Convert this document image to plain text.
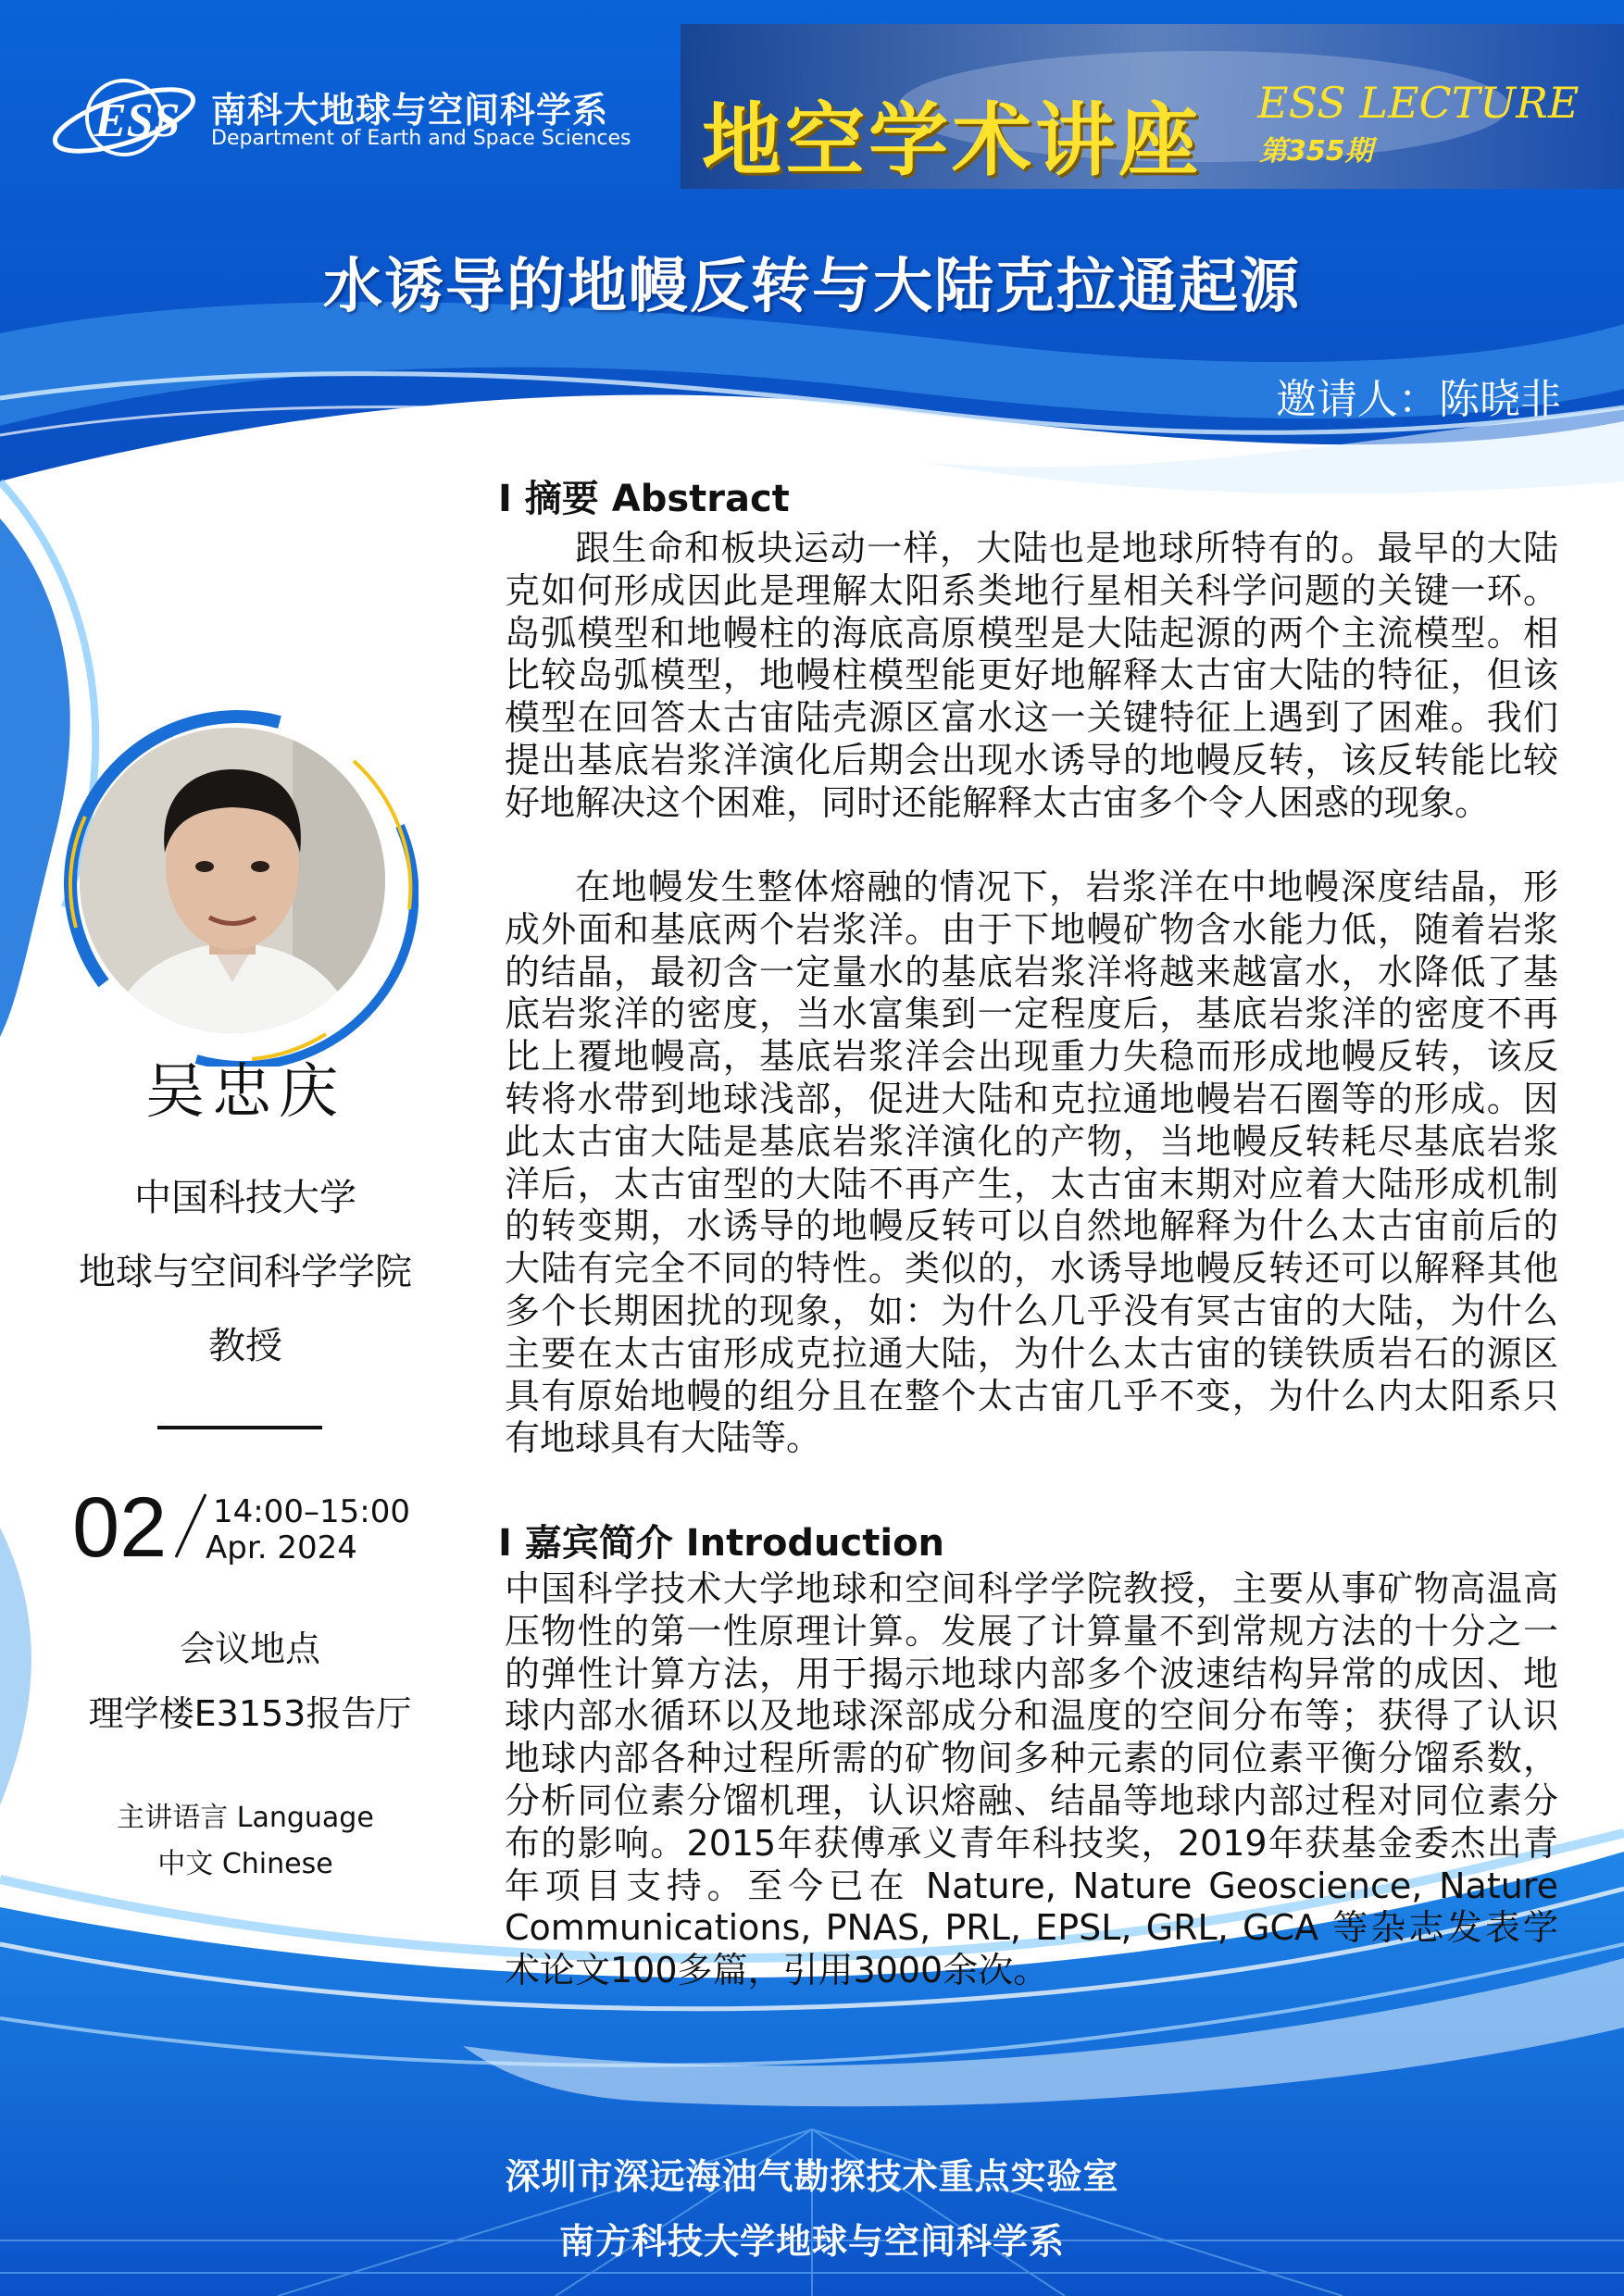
ESS 南科大地球与空间科学系
Department of Earth and Space Sciences 地空学术讲座 ESS LECTURE
第355期
水诱导的地幔反转与大陆克拉通起源
邀请人：陈晓非
吴忠庆
中国科技大学
地球与空间科学学院
教授
02 14:00–15:00
Apr. 2024
会议地点
理学楼E3153报告厅
主讲语言 Language
中文 Chinese
I 摘要 Abstract

跟生命和板块运动一样，大陆也是地球所特有的。最早的大陆克如何形成因此是理解太阳系类地行星相关科学问题的关键一环。岛弧模型和地幔柱的海底高原模型是大陆起源的两个主流模型。相比较岛弧模型，地幔柱模型能更好地解释太古宙大陆的特征，但该模型在回答太古宙陆壳源区富水这一关键特征上遇到了困难。我们提出基底岩浆洋演化后期会出现水诱导的地幔反转，该反转能比较好地解决这个困难，同时还能解释太古宙多个令人困惑的现象。

在地幔发生整体熔融的情况下，岩浆洋在中地幔深度结晶，形成外面和基底两个岩浆洋。由于下地幔矿物含水能力低，随着岩浆的结晶，最初含一定量水的基底岩浆洋将越来越富水，水降低了基底岩浆洋的密度，当水富集到一定程度后，基底岩浆洋的密度不再比上覆地幔高，基底岩浆洋会出现重力失稳而形成地幔反转，该反转将水带到地球浅部，促进大陆和克拉通地幔岩石圈等的形成。因此太古宙大陆是基底岩浆洋演化的产物，当地幔反转耗尽基底岩浆洋后，太古宙型的大陆不再产生，太古宙末期对应着大陆形成机制的转变期，水诱导的地幔反转可以自然地解释为什么太古宙前后的大陆有完全不同的特性。类似的，水诱导地幔反转还可以解释其他多个长期困扰的现象，如：为什么几乎没有冥古宙的大陆，为什么主要在太古宙形成克拉通大陆，为什么太古宙的镁铁质岩石的源区具有原始地幔的组分且在整个太古宙几乎不变，为什么内太阳系只有地球具有大陆等。

I 嘉宾简介 Introduction

中国科学技术大学地球和空间科学学院教授，主要从事矿物高温高压物性的第一性原理计算。发展了计算量不到常规方法的十分之一的弹性计算方法，用于揭示地球内部多个波速结构异常的成因、地球内部水循环以及地球深部成分和温度的空间分布等；获得了认识地球内部各种过程所需的矿物间多种元素的同位素平衡分馏系数，分析同位素分馏机理，认识熔融、结晶等地球内部过程对同位素分布的影响。2015年获傅承义青年科技奖，2019年获基金委杰出青年项目支持。至今已在 Nature, Nature Geoscience, Nature Communications, PNAS, PRL, EPSL, GRL, GCA 等杂志发表学术论文100多篇，引用3000余次。

深圳市深远海油气勘探技术重点实验室
南方科技大学地球与空间科学系
